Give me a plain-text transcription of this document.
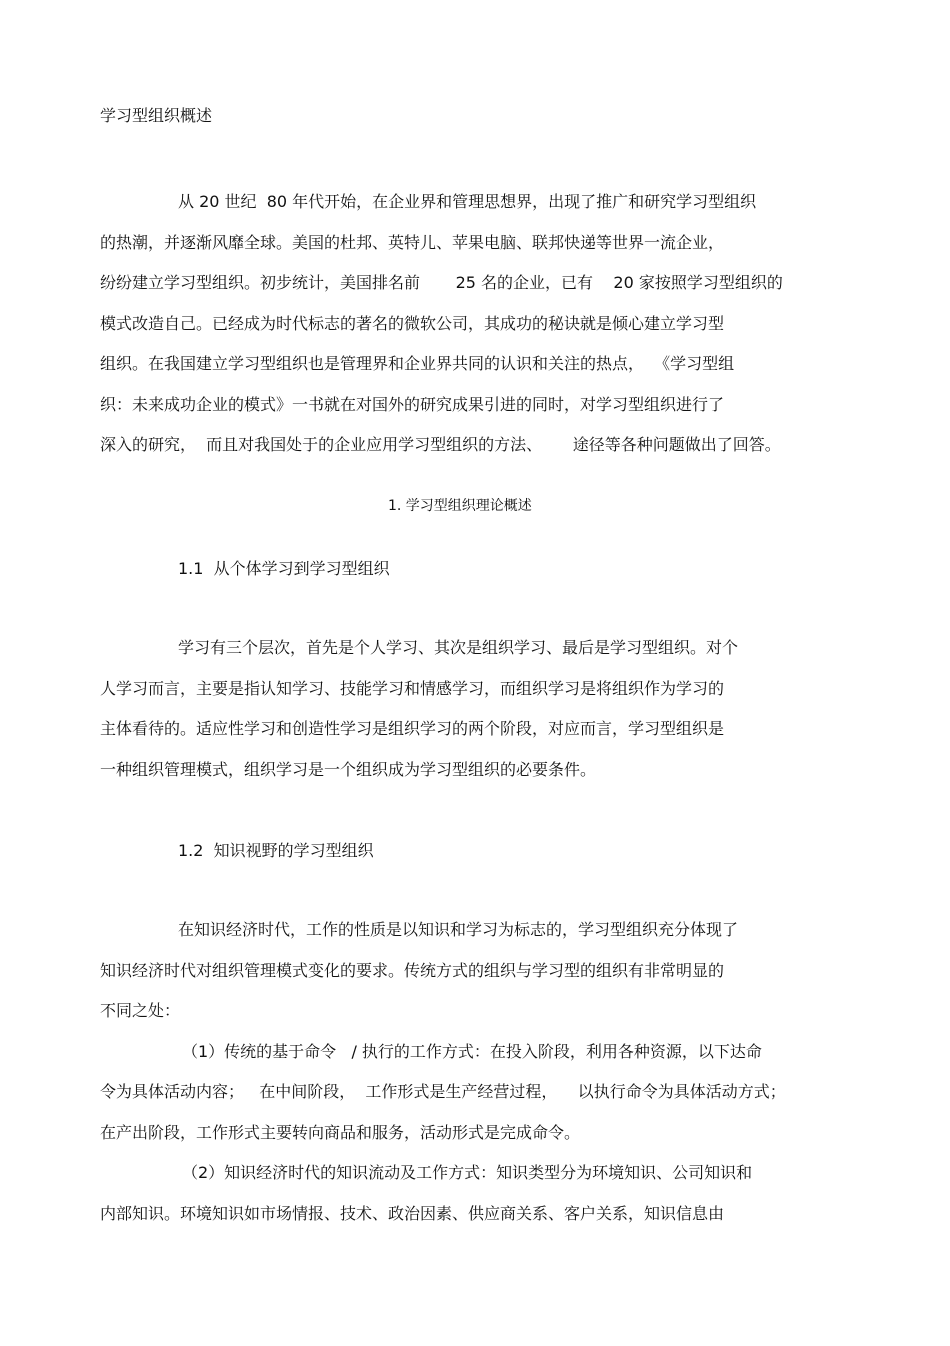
学习型组织概述

从 20 世纪  80 年代开始，在企业界和管理思想界，出现了推广和研究学习型组织

的热潮，并逐渐风靡全球。美国的杜邦、英特儿、苹果电脑、联邦快递等世界一流企业，

纷纷建立学习型组织。初步统计，美国排名前       25 名的企业，已有    20 家按照学习型组织的

模式改造自己。已经成为时代标志的著名的微软公司，其成功的秘诀就是倾心建立学习型

组织。在我国建立学习型组织也是管理界和企业界共同的认识和关注的热点，  《学习型组

织：未来成功企业的模式》一书就在对国外的研究成果引进的同时，对学习型组织进行了

深入的研究，  而且对我国处于的企业应用学习型组织的方法、      途径等各种问题做出了回答。

1. 学习型组织理论概述

1.1  从个体学习到学习型组织

学习有三个层次，首先是个人学习、其次是组织学习、最后是学习型组织。对个

人学习而言，主要是指认知学习、技能学习和情感学习，而组织学习是将组织作为学习的

主体看待的。适应性学习和创造性学习是组织学习的两个阶段，对应而言，学习型组织是

一种组织管理模式，组织学习是一个组织成为学习型组织的必要条件。

1.2  知识视野的学习型组织

在知识经济时代，工作的性质是以知识和学习为标志的，学习型组织充分体现了

知识经济时代对组织管理模式变化的要求。传统方式的组织与学习型的组织有非常明显的

不同之处：

（1）传统的基于命令   / 执行的工作方式：在投入阶段，利用各种资源，以下达命

令为具体活动内容；   在中间阶段，  工作形式是生产经营过程，    以执行命令为具体活动方式；

在产出阶段，工作形式主要转向商品和服务，活动形式是完成命令。

（2）知识经济时代的知识流动及工作方式：知识类型分为环境知识、公司知识和

内部知识。环境知识如市场情报、技术、政治因素、供应商关系、客户关系，知识信息由
